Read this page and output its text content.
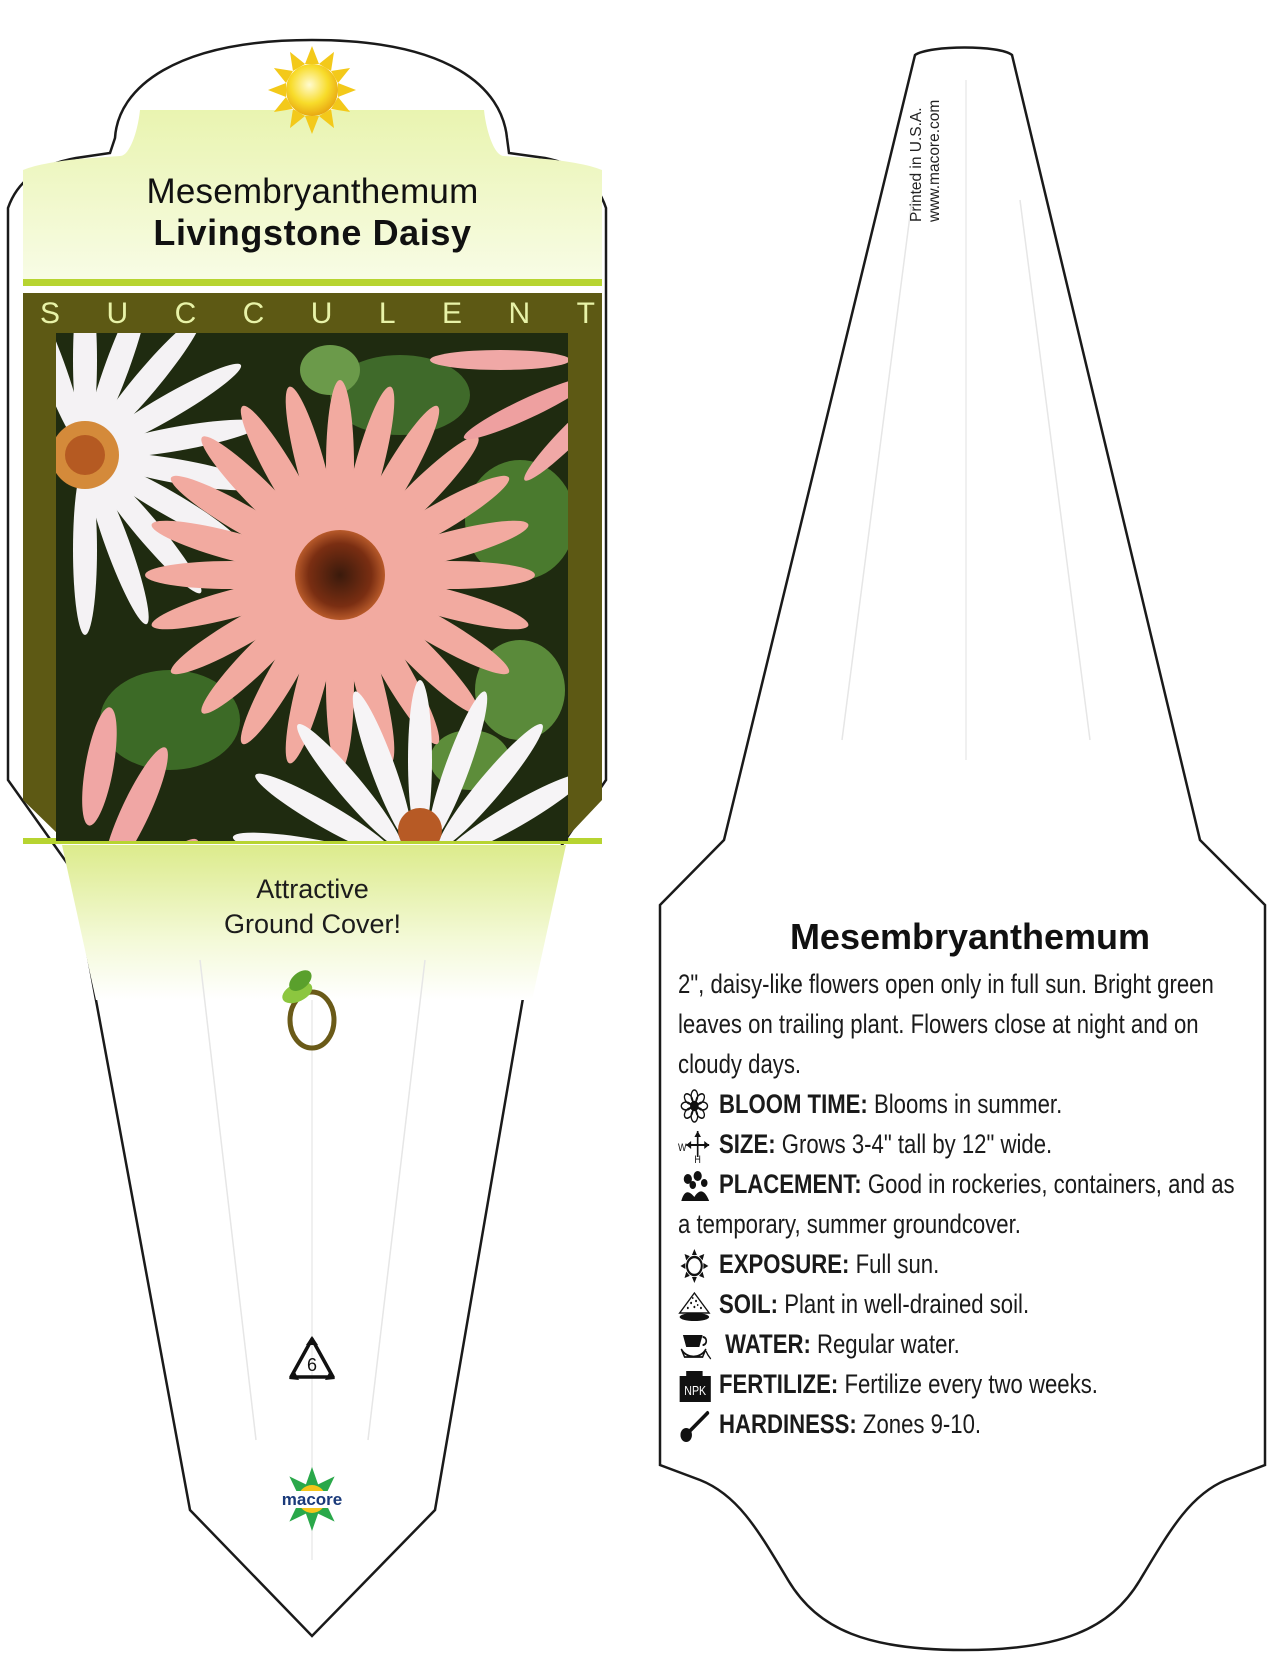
Mesembryanthemum
Livingstone Daisy
S U C C U L E N T
Attractive
Ground Cover!
6
macore
Printed in U.S.A. www.macore.com
Mesembryanthemum

2", daisy-like flowers open only in full sun. Bright green leaves on trailing plant. Flowers close at night and on cloudy days.

BLOOM TIME: Blooms in summer.
W
H
SIZE: Grows 3-4" tall by 12" wide.
PLACEMENT: Good in rockeries, containers, and as a temporary, summer groundcover.
EXPOSURE: Full sun.
SOIL: Plant in well-drained soil.
WATER: Regular water.
NPK FERTILIZE: Fertilize every two weeks.
HARDINESS: Zones 9-10.
